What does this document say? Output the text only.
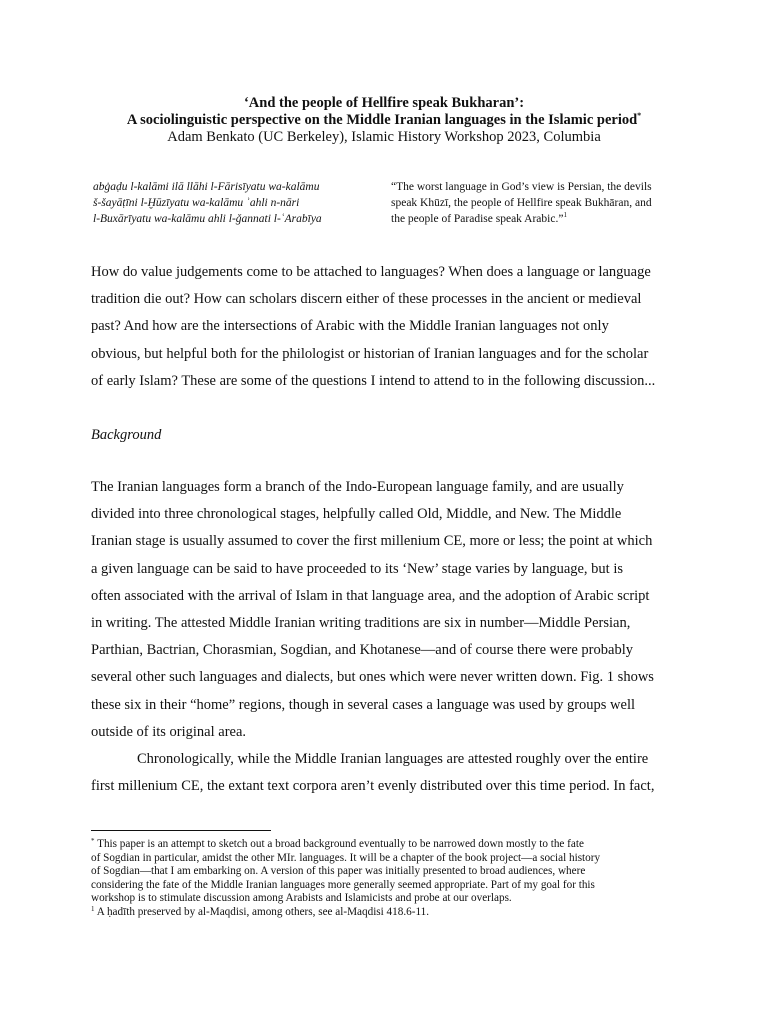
‘And the people of Hellfire speak Bukharan’:
A sociolinguistic perspective on the Middle Iranian languages in the Islamic period*
Adam Benkato (UC Berkeley), Islamic History Workshop 2023, Columbia
abġaḍu l-kalāmi ilā llāhi l-Fārisīyatu wa-kalāmu
š-šayāṭīni l-Ḫūzīyatu wa-kalāmu ʾahli n-nāri
l-Buxārīyatu wa-kalāmu ahli l-ǧannati l-ʿArabīya
“The worst language in God’s view is Persian, the devils
speak Khūzī, the people of Hellfire speak Bukhāran, and
the people of Paradise speak Arabic.”$^1$
How do value judgements come to be attached to languages? When does a language or language
tradition die out? How can scholars discern either of these processes in the ancient or medieval
past? And how are the intersections of Arabic with the Middle Iranian languages not only
obvious, but helpful both for the philologist or historian of Iranian languages and for the scholar
of early Islam? These are some of the questions I intend to attend to in the following discussion...
Background
The Iranian languages form a branch of the Indo-European language family, and are usually
divided into three chronological stages, helpfully called Old, Middle, and New. The Middle
Iranian stage is usually assumed to cover the first millenium CE, more or less; the point at which
a given language can be said to have proceeded to its ‘New’ stage varies by language, but is
often associated with the arrival of Islam in that language area, and the adoption of Arabic script
in writing. The attested Middle Iranian writing traditions are six in number—Middle Persian,
Parthian, Bactrian, Chorasmian, Sogdian, and Khotanese—and of course there were probably
several other such languages and dialects, but ones which were never written down. Fig. 1 shows
these six in their “home” regions, though in several cases a language was used by groups well
outside of its original area.
Chronologically, while the Middle Iranian languages are attested roughly over the entire
first millenium CE, the extant text corpora aren’t evenly distributed over this time period. In fact,
* This paper is an attempt to sketch out a broad background eventually to be narrowed down mostly to the fate
of Sogdian in particular, amidst the other MIr. languages. It will be a chapter of the book project—a social history
of Sogdian—that I am embarking on. A version of this paper was initially presented to broad audiences, where
considering the fate of the Middle Iranian languages more generally seemed appropriate. Part of my goal for this
workshop is to stimulate discussion among Arabists and Islamicists and probe at our overlaps.
$^1$ A ḥadīth preserved by al-Maqdisi, among others, see al-Maqdisi 418.6-11.
